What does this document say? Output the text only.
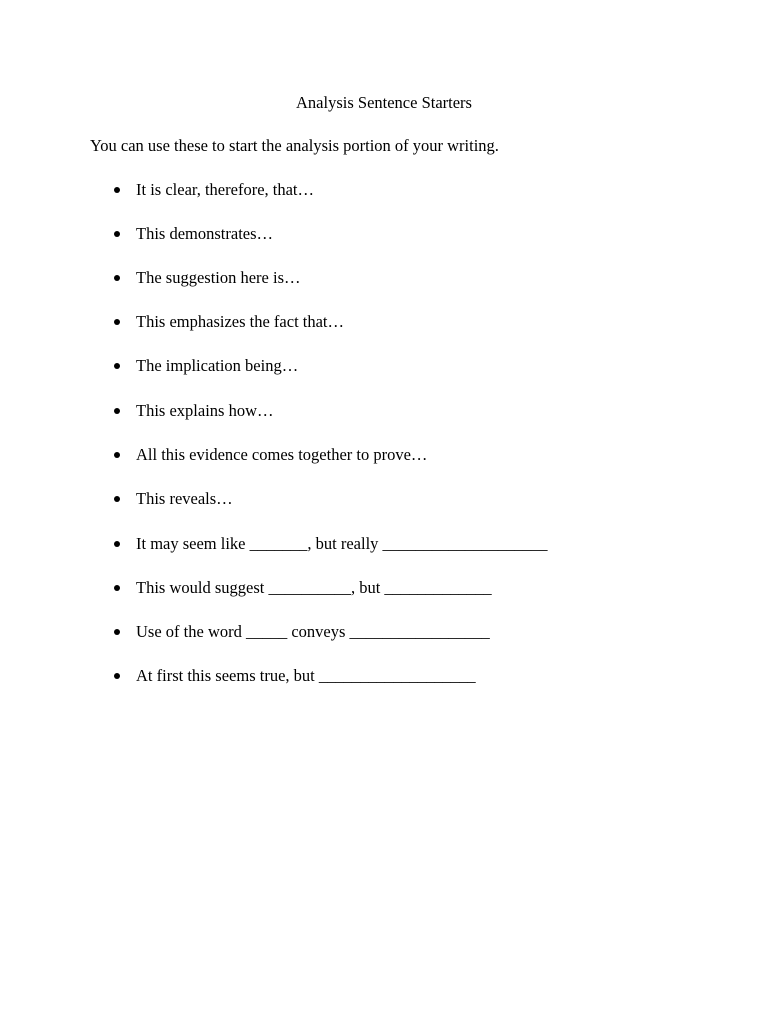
Analysis Sentence Starters

You can use these to start the analysis portion of your writing.

It is clear, therefore, that…
This demonstrates…
The suggestion here is…
This emphasizes the fact that…
The implication being…
This explains how…
All this evidence comes together to prove…
This reveals…
It may seem like _______, but really ____________________
This would suggest __________, but _____________
Use of the word _____ conveys _________________
At first this seems true, but ___________________
